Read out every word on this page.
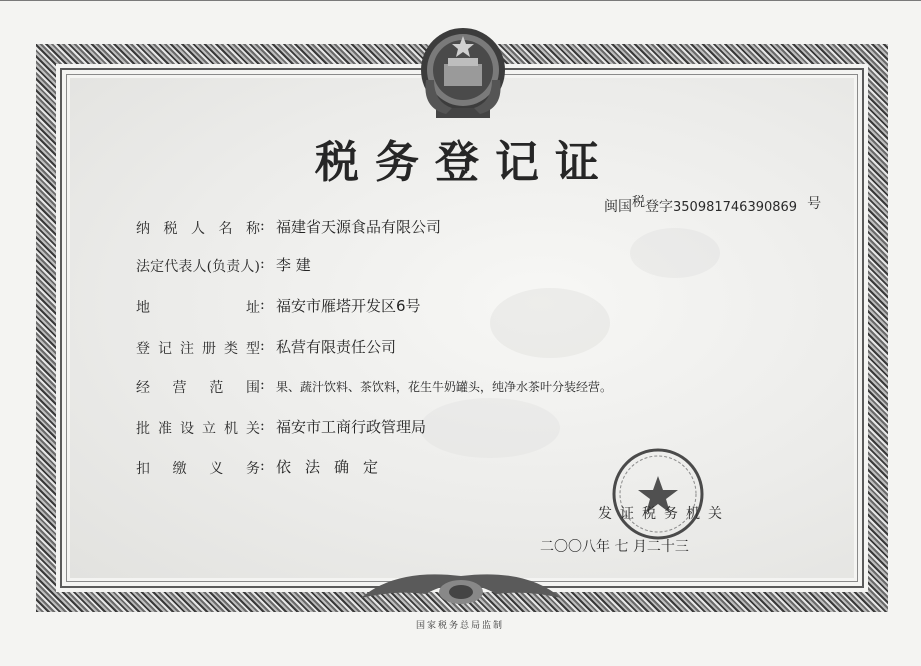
税务登记证
闽国税登字350981746390869 号
纳税人名称 : 福建省天源食品有限公司
法定代表人(负责人) : 李 建
地址 : 福安市雁塔开发区6号
登记注册类型 : 私营有限责任公司
经营范围 : 果、蔬汁饮料、茶饮料，花生牛奶罐头，纯净水茶叶分装经营。
批准设立机关 : 福安市工商行政管理局
扣缴义务 : 依法确定
发证税务机关
二〇〇八年 七 月二十三
国家税务总局监制
